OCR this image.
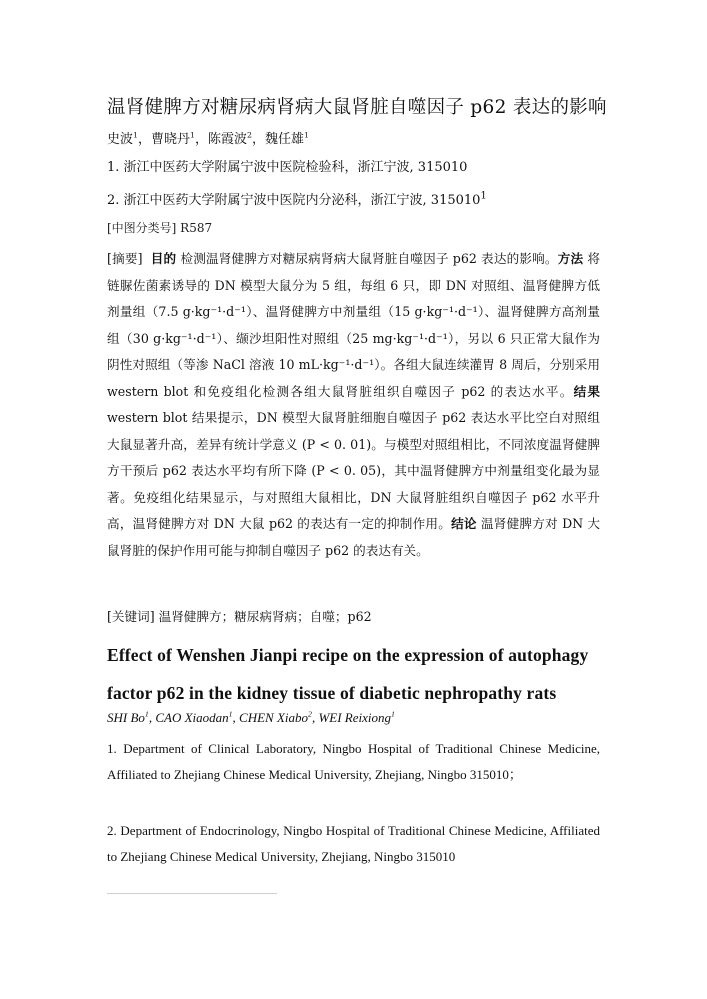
温肾健脾方对糖尿病肾病大鼠肾脏自噬因子 p62 表达的影响
史波$^1$，曹晓丹$^1$，陈霞波$^2$，魏任雄$^1$
1. 浙江中医药大学附属宁波中医院检验科，浙江宁波, 315010
2. 浙江中医药大学附属宁波中医院内分泌科，浙江宁波, 315010$^1$
[中图分类号] R587
[摘要] 目的 检测温肾健脾方对糖尿病肾病大鼠肾脏自噬因子 p62 表达的影响。方法 将链脲佐菌素诱导的 DN 模型大鼠分为 5 组，每组 6 只，即 DN 对照组、温肾健脾方低剂量组（7.5 g·kg⁻¹·d⁻¹）、温肾健脾方中剂量组（15 g·kg⁻¹·d⁻¹）、温肾健脾方高剂量组（30 g·kg⁻¹·d⁻¹）、缬沙坦阳性对照组（25 mg·kg⁻¹·d⁻¹），另以 6 只正常大鼠作为阴性对照组（等渗 NaCl 溶液 10 mL·kg⁻¹·d⁻¹）。各组大鼠连续灌胃 8 周后，分别采用 western blot 和免疫组化检测各组大鼠肾脏组织自噬因子 p62 的表达水平。结果 western blot 结果提示，DN 模型大鼠肾脏细胞自噬因子 p62 表达水平比空白对照组大鼠显著升高，差异有统计学意义 (P < 0. 01)。与模型对照组相比，不同浓度温肾健脾方干预后 p62 表达水平均有所下降 (P < 0. 05)，其中温肾健脾方中剂量组变化最为显著。免疫组化结果显示，与对照组大鼠相比，DN 大鼠肾脏组织自噬因子 p62 水平升高，温肾健脾方对 DN 大鼠 p62 的表达有一定的抑制作用。结论 温肾健脾方对 DN 大鼠肾脏的保护作用可能与抑制自噬因子 p62 的表达有关。
[关键词] 温肾健脾方；糖尿病肾病；自噬；p62
Effect of Wenshen Jianpi recipe on the expression of autophagy
factor p62 in the kidney tissue of diabetic nephropathy rats
SHI Bo$^1$, CAO Xiaodan$^1$, CHEN Xiabo$^2$, WEI Reixiong$^1$
1. Department of Clinical Laboratory, Ningbo Hospital of Traditional Chinese Medicine, Affiliated to Zhejiang Chinese Medical University, Zhejiang, Ningbo 315010；
2. Department of Endocrinology, Ningbo Hospital of Traditional Chinese Medicine, Affiliated to Zhejiang Chinese Medical University, Zhejiang, Ningbo 315010
